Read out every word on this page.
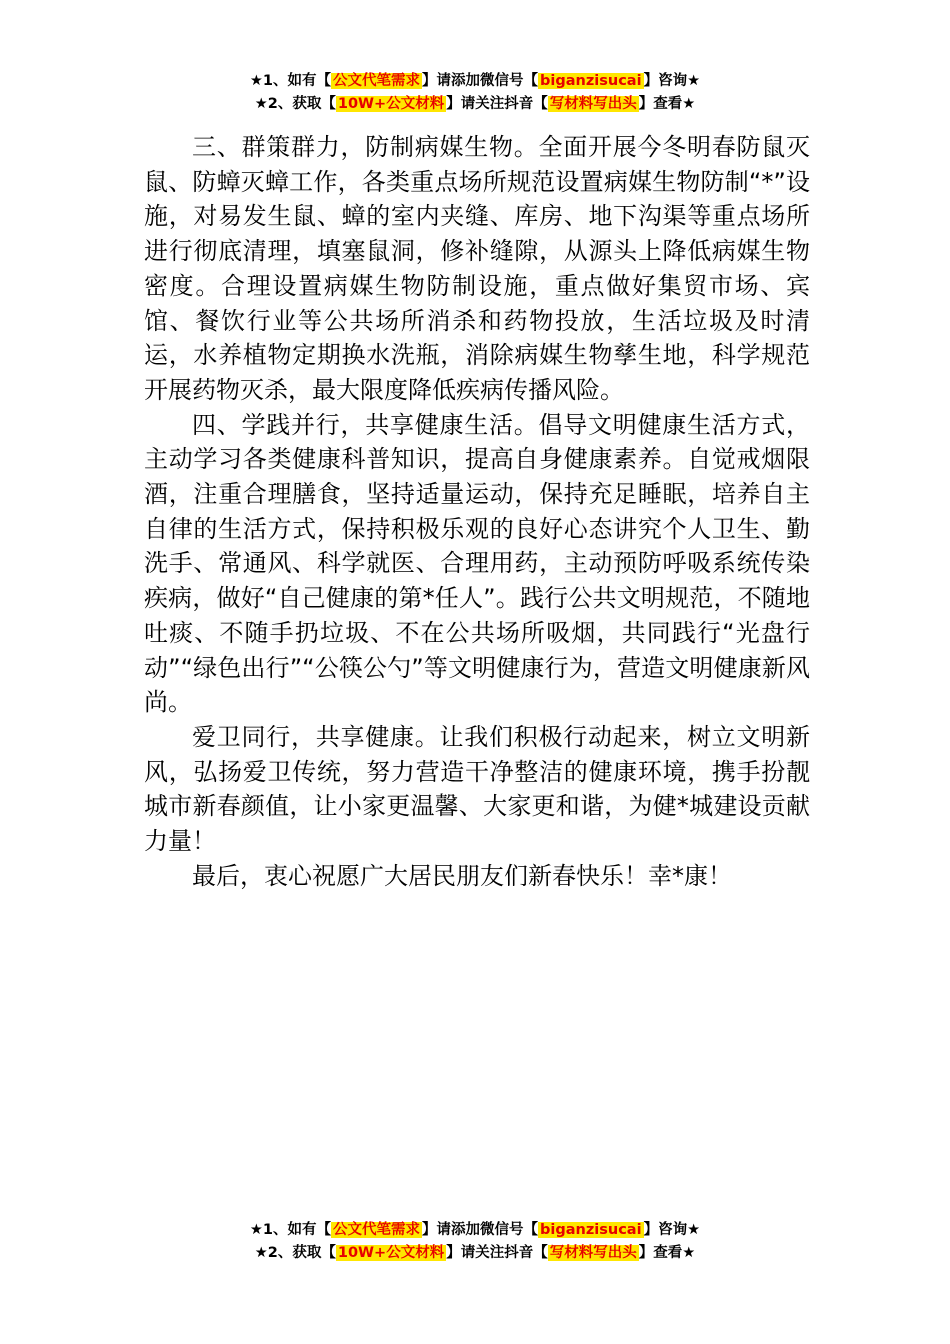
★1、如有【 公文代笔需求 】请添加微信号【 biganzisucai 】咨询★
★2、获取【 10W+公文材料 】请关注抖音【 写材料写出头 】查看★

三、群策群力，防制病媒生物。全面开展今冬明春防鼠灭鼠、防蟑灭蟑工作，各类重点场所规范设置病媒生物防制“*”设施，对易发生鼠、蟑的室内夹缝、库房、地下沟渠等重点场所进行彻底清理，填塞鼠洞，修补缝隙，从源头上降低病媒生物密度。合理设置病媒生物防制设施，重点做好集贸市场、宾馆、餐饮行业等公共场所消杀和药物投放，生活垃圾及时清运，水养植物定期换水洗瓶，消除病媒生物孳生地，科学规范开展药物灭杀，最大限度降低疾病传播风险。

四、学践并行，共享健康生活。倡导文明健康生活方式，主动学习各类健康科普知识，提高自身健康素养。自觉戒烟限酒，注重合理膳食，坚持适量运动，保持充足睡眠，培养自主自律的生活方式，保持积极乐观的良好心态讲究个人卫生、勤洗手、常通风、科学就医、合理用药，主动预防呼吸系统传染疾病，做好“自己健康的第*任人”。践行公共文明规范，不随地吐痰、不随手扔垃圾、不在公共场所吸烟，共同践行“光盘行动”“绿色出行”“公筷公勺”等文明健康行为，营造文明健康新风尚。

爱卫同行，共享健康。让我们积极行动起来，树立文明新风，弘扬爱卫传统，努力营造干净整洁的健康环境，携手扮靓城市新春颜值，让小家更温馨、大家更和谐，为健*城建设贡献力量！

最后，衷心祝愿广大居民朋友们新春快乐！幸*康！

★1、如有【 公文代笔需求 】请添加微信号【 biganzisucai 】咨询★
★2、获取【 10W+公文材料 】请关注抖音【 写材料写出头 】查看★
